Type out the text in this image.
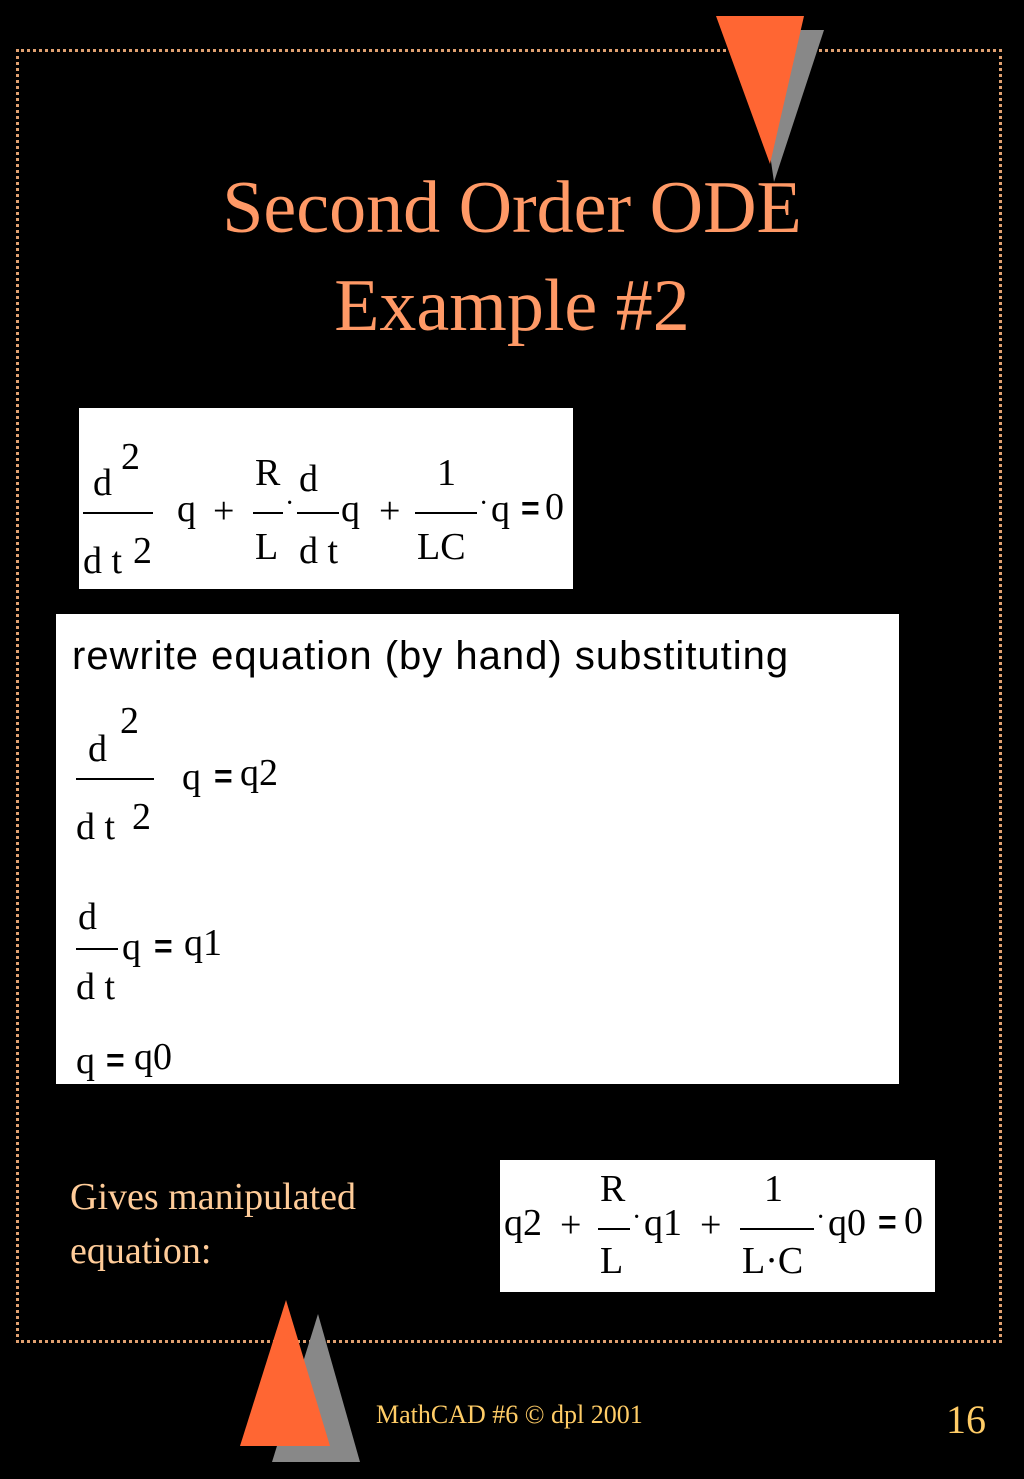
Second Order ODE
Example #2
d
2
d t 2
q +
R
L
·
d
d t
q +
1
LC
· q = 0
rewrite equation (by hand) substituting
d
2
d t 2
q = q2
d
d t
q = q1
q = q0
Gives manipulated
equation:
q2 +
R
L
· q1 +
1
L·C
· q0 = 0
MathCAD #6 © dpl 2001	16
